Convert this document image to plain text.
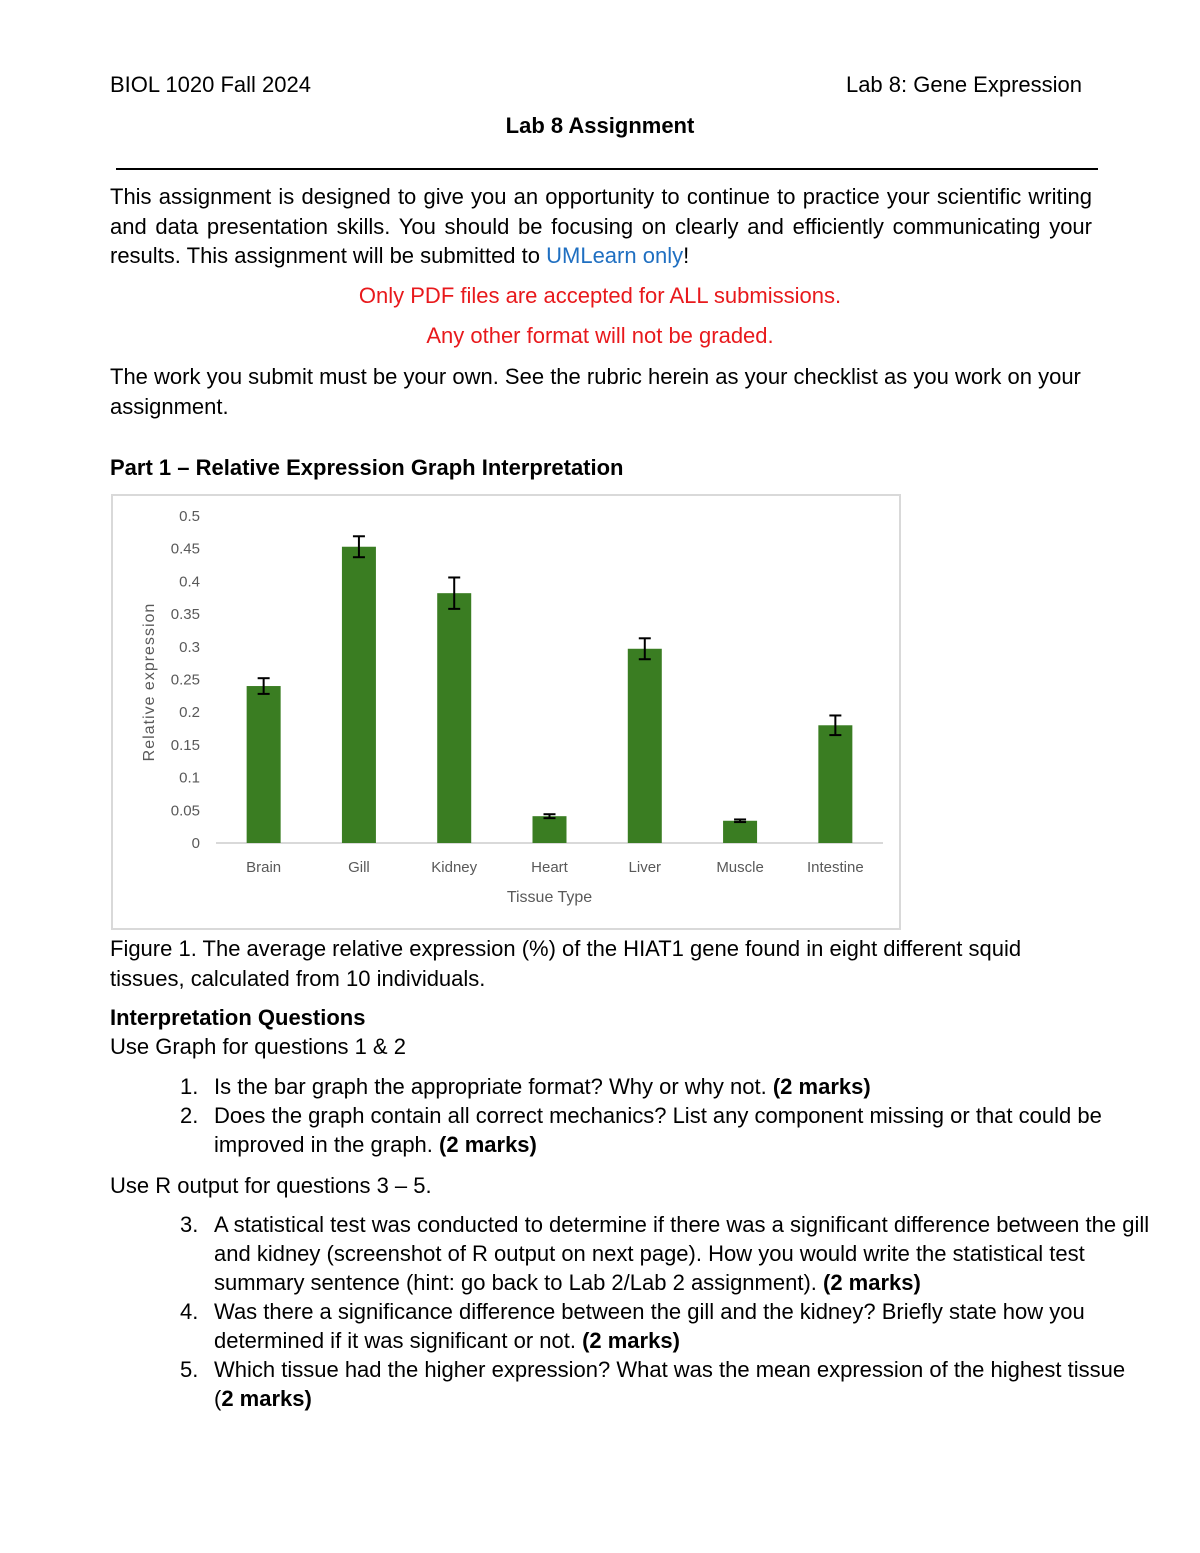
BIOL 1020 Fall 2024	Lab 8: Gene Expression
Lab 8 Assignment
This assignment is designed to give you an opportunity to continue to practice your scientific writing and data presentation skills. You should be focusing on clearly and efficiently communicating your results. This assignment will be submitted to UMLearn only!
Only PDF files are accepted for ALL submissions.
Any other format will not be graded.
The work you submit must be your own. See the rubric herein as your checklist as you work on your assignment.
Part 1 – Relative Expression Graph Interpretation
0
0.05
0.1
0.15
0.2
0.25
0.3
0.35
0.4
0.45
0.5
Brain	Gill	Kidney	Heart	Liver	Muscle	Intestine
Tissue Type
Relative expression
Figure 1. The average relative expression (%) of the HIAT1 gene found in eight different squid tissues, calculated from 10 individuals.
Interpretation Questions
Use Graph for questions 1 & 2
1. Is the bar graph the appropriate format? Why or why not. (2 marks)
2. Does the graph contain all correct mechanics? List any component missing or that could be improved in the graph. (2 marks)
Use R output for questions 3 – 5.
3. A statistical test was conducted to determine if there was a significant difference between the gill and kidney (screenshot of R output on next page). How you would write the statistical test summary sentence (hint: go back to Lab 2/Lab 2 assignment). (2 marks)
4. Was there a significance difference between the gill and the kidney? Briefly state how you determined if it was significant or not. (2 marks)
5. Which tissue had the higher expression? What was the mean expression of the highest tissue (2 marks)
